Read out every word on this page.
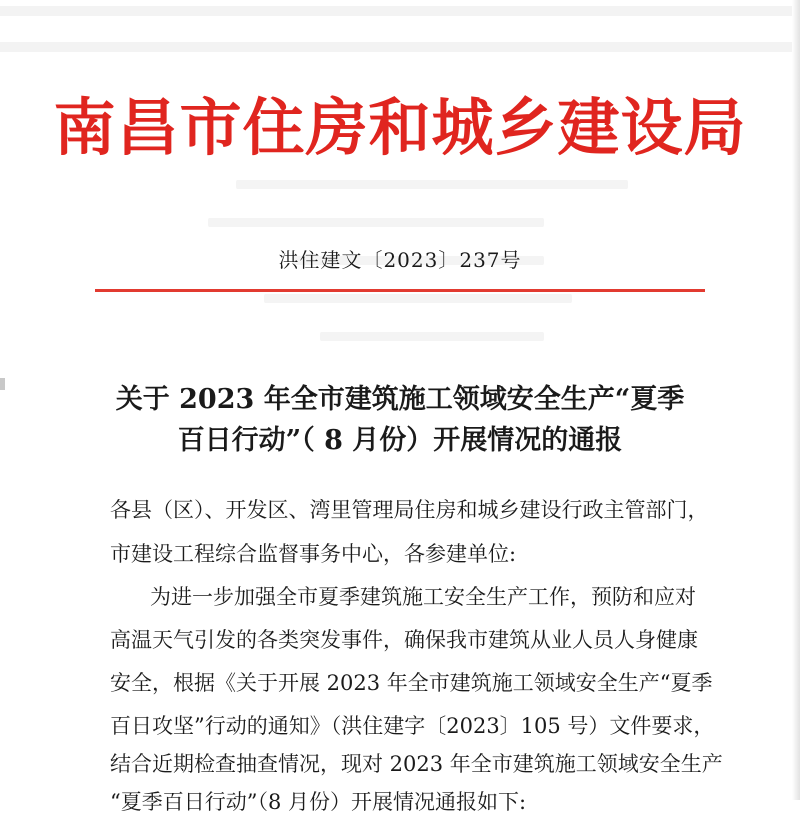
南昌市住房和城乡建设局
洪住建文〔2023〕237号
关于 2023 年全市建筑施工领域安全生产“夏季
百日行动”（ 8 月份）开展情况的通报
各县（区）、开发区、湾里管理局住房和城乡建设行政主管部门，
市建设工程综合监督事务中心，各参建单位:
为进一步加强全市夏季建筑施工安全生产工作，预防和应对
高温天气引发的各类突发事件，确保我市建筑从业人员人身健康
安全，根据《关于开展 2023 年全市建筑施工领域安全生产“夏季
百日攻坚”行动的通知》（洪住建字〔2023〕105 号）文件要求，
结合近期检查抽查情况，现对 2023 年全市建筑施工领域安全生产
“夏季百日行动”（8 月份）开展情况通报如下:
